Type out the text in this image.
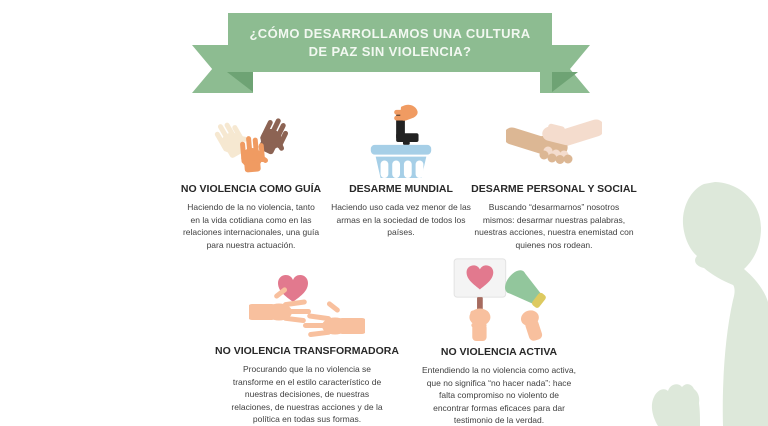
¿CÓMO DESARROLLAMOS UNA CULTURA
DE PAZ SIN VIOLENCIA?
NO VIOLENCIA COMO GUÍA

Haciendo de la no violencia, tanto en la vida cotidiana como en las relaciones internacionales, una guía para nuestra actuación.

DESARME MUNDIAL

Haciendo uso cada vez menor de las armas en la sociedad de todos los países.

DESARME PERSONAL Y SOCIAL

Buscando “desarmarnos” nosotros mismos: desarmar nuestras palabras, nuestras acciones, nuestra enemistad con quienes nos rodean.

NO VIOLENCIA TRANSFORMADORA

Procurando que la no violencia se transforme en el estilo característico de nuestras decisiones, de nuestras relaciones, de nuestras acciones y de la política en todas sus formas.

NO VIOLENCIA ACTIVA

Entendiendo la no violencia como activa, que no significa “no hacer nada”: hace falta compromiso no violento de encontrar formas eficaces para dar testimonio de la verdad.
